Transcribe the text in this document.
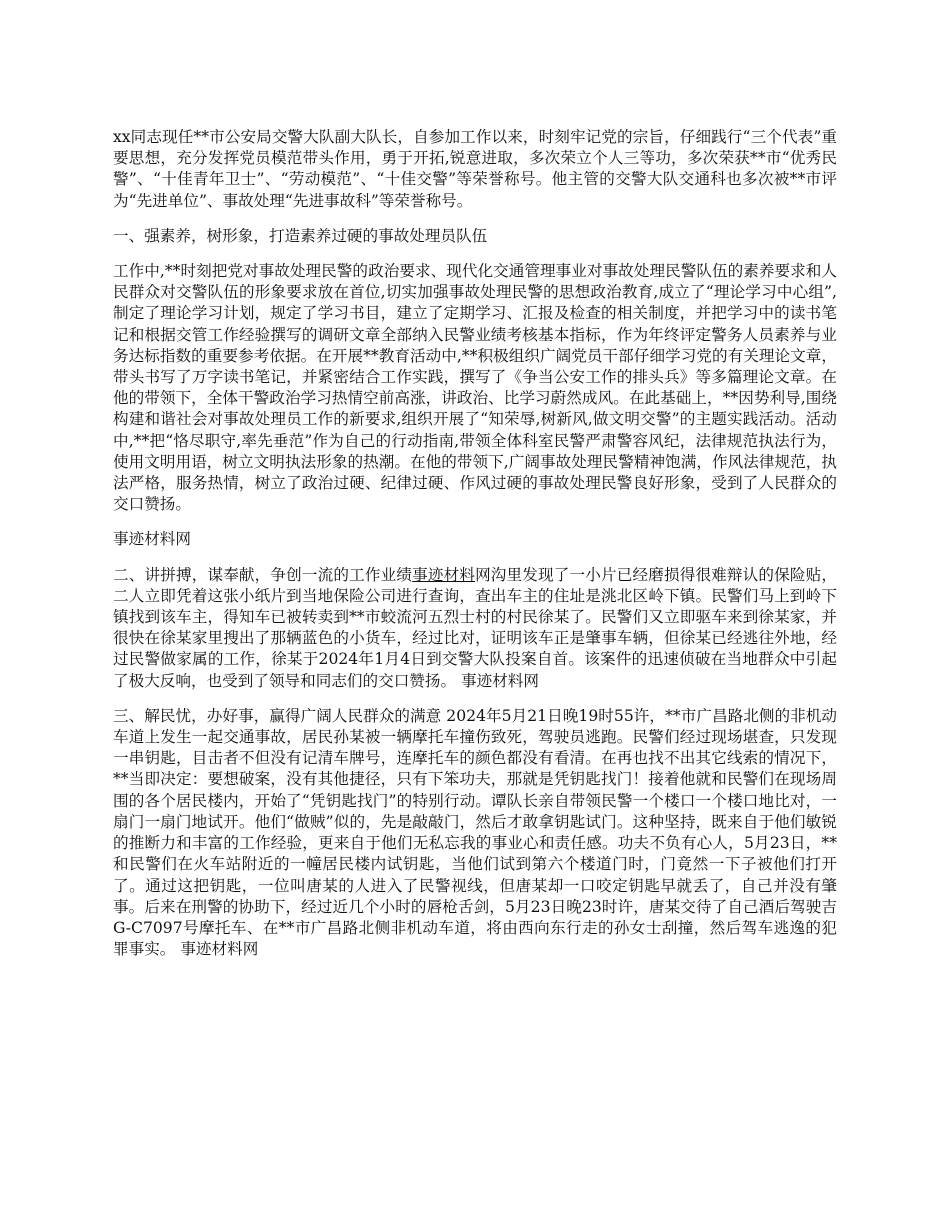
xx同志现任**市公安局交警大队副大队长，自参加工作以来，时刻牢记党的宗旨，仔细践行“三个代表”重要思想，充分发挥党员模范带头作用，勇于开拓,锐意进取，多次荣立个人三等功，多次荣获**市“优秀民警”、“十佳青年卫士”、“劳动模范”、“十佳交警”等荣誉称号。他主管的交警大队交通科也多次被**市评为“先进单位”、事故处理“先进事故科”等荣誉称号。

一、强素养，树形象，打造素养过硬的事故处理员队伍

工作中,**时刻把党对事故处理民警的政治要求、现代化交通管理事业对事故处理民警队伍的素养要求和人民群众对交警队伍的形象要求放在首位,切实加强事故处理民警的思想政治教育,成立了“理论学习中心组”,制定了理论学习计划，规定了学习书目，建立了定期学习、汇报及检查的相关制度，并把学习中的读书笔记和根据交管工作经验撰写的调研文章全部纳入民警业绩考核基本指标，作为年终评定警务人员素养与业务达标指数的重要参考依据。在开展**教育活动中,**积极组织广阔党员干部仔细学习党的有关理论文章，带头书写了万字读书笔记，并紧密结合工作实践，撰写了《争当公安工作的排头兵》等多篇理论文章。在他的带领下，全体干警政治学习热情空前高涨，讲政治、比学习蔚然成风。在此基础上，**因势利导,围绕构建和谐社会对事故处理员工作的新要求,组织开展了“知荣辱,树新风,做文明交警”的主题实践活动。活动中,**把“恪尽职守,率先垂范”作为自己的行动指南,带领全体科室民警严肃警容风纪，法律规范执法行为，使用文明用语，树立文明执法形象的热潮。在他的带领下,广阔事故处理民警精神饱满，作风法律规范，执法严格，服务热情，树立了政治过硬、纪律过硬、作风过硬的事故处理民警良好形象，受到了人民群众的交口赞扬。

事迹材料网

二、讲拼搏，谋奉献，争创一流的工作业绩事迹材料网沟里发现了一小片已经磨损得很难辩认的保险贴，二人立即凭着这张小纸片到当地保险公司进行查询，查出车主的住址是洮北区岭下镇。民警们马上到岭下镇找到该车主，得知车已被转卖到**市蛟流河五烈士村的村民徐某了。民警们又立即驱车来到徐某家，并很快在徐某家里搜出了那辆蓝色的小货车，经过比对，证明该车正是肇事车辆，但徐某已经逃往外地，经过民警做家属的工作，徐某于2024年1月4日到交警大队投案自首。该案件的迅速侦破在当地群众中引起了极大反响，也受到了领导和同志们的交口赞扬。 事迹材料网

三、解民忧，办好事，赢得广阔人民群众的满意 2024年5月21日晚19时55许，**市广昌路北侧的非机动车道上发生一起交通事故，居民孙某被一辆摩托车撞伤致死，驾驶员逃跑。民警们经过现场堪查，只发现一串钥匙，目击者不但没有记清车牌号，连摩托车的颜色都没有看清。在再也找不出其它线索的情况下，**当即决定：要想破案，没有其他捷径，只有下笨功夫，那就是凭钥匙找门！接着他就和民警们在现场周围的各个居民楼内，开始了“凭钥匙找门”的特别行动。谭队长亲自带领民警一个楼口一个楼口地比对，一扇门一扇门地试开。他们“做贼”似的，先是敲敲门，然后才敢拿钥匙试门。这种坚持，既来自于他们敏锐的推断力和丰富的工作经验，更来自于他们无私忘我的事业心和责任感。功夫不负有心人，5月23日，**和民警们在火车站附近的一幢居民楼内试钥匙，当他们试到第六个楼道门时，门竟然一下子被他们打开了。通过这把钥匙，一位叫唐某的人进入了民警视线，但唐某却一口咬定钥匙早就丢了，自己并没有肇事。后来在刑警的协助下，经过近几个小时的唇枪舌剑，5月23日晚23时许，唐某交待了自己酒后驾驶吉G-C7097号摩托车、在**市广昌路北侧非机动车道，将由西向东行走的孙女士刮撞，然后驾车逃逸的犯罪事实。 事迹材料网
